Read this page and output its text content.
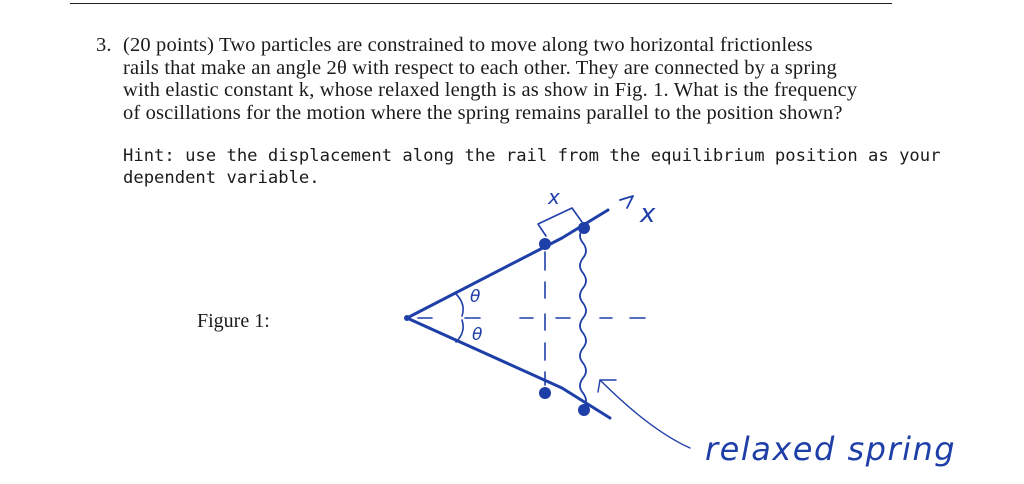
3. (20 points) Two particles are constrained to move along two horizontal frictionless
rails that make an angle 2θ with respect to each other. They are connected by a spring
with elastic constant k, whose relaxed length is as show in Fig. 1. What is the frequency
of oscillations for the motion where the spring remains parallel to the position shown?
Hint: use the displacement along the rail from the equilibrium position as your
dependent variable.
Figure 1:
x
x
θ
θ
relaxed spring
